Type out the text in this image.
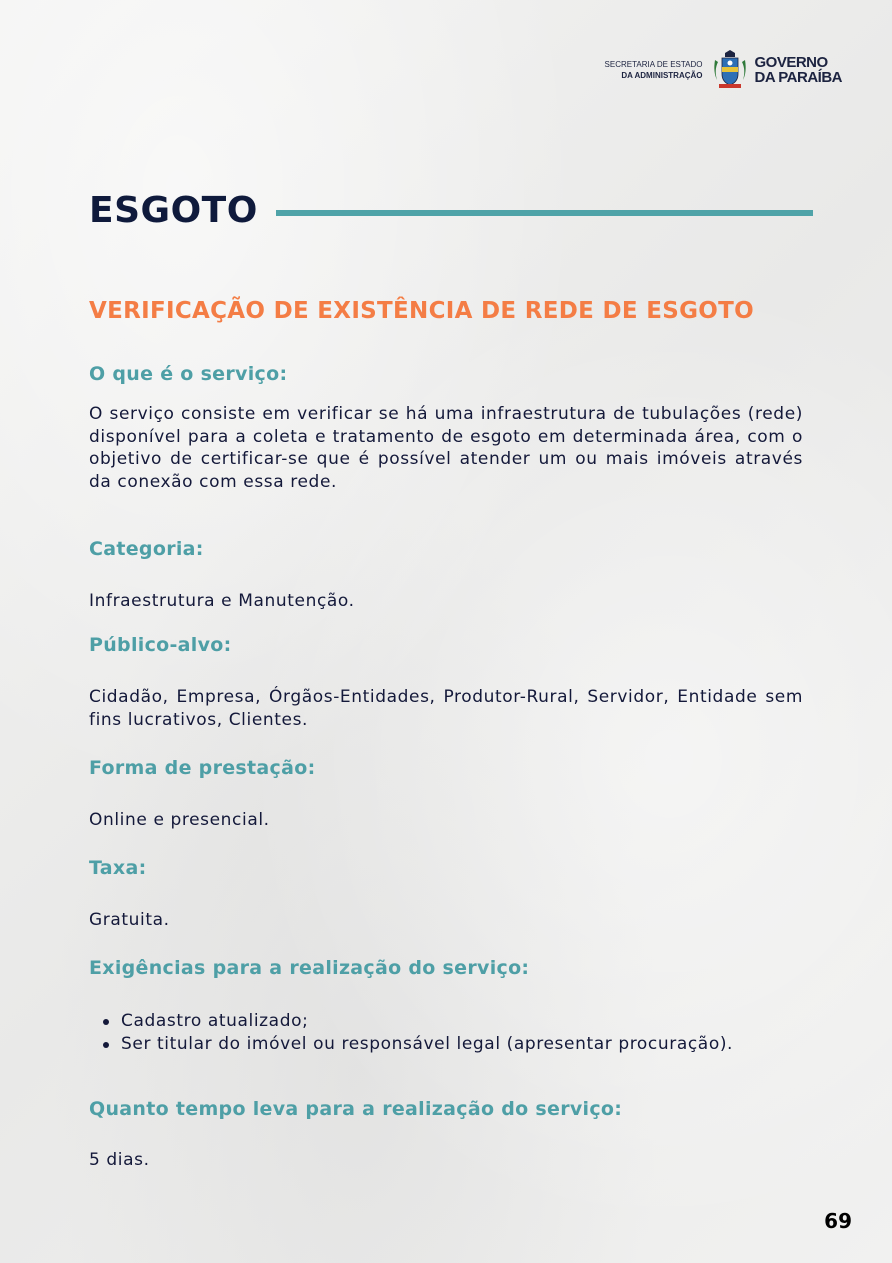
SECRETARIA DE ESTADO
DA ADMINISTRAÇÃO
GOVERNO
DA PARAÍBA
ESGOTO
VERIFICAÇÃO DE EXISTÊNCIA DE REDE DE ESGOTO
O que é o serviço:

O serviço consiste em verificar se há uma infraestrutura de tubulações (rede) disponível para a coleta e tratamento de esgoto em determinada área, com o objetivo de certificar-se que é possível atender um ou mais imóveis através da conexão com essa rede.

Categoria:

Infraestrutura e Manutenção.

Público-alvo:

Cidadão, Empresa, Órgãos-Entidades, Produtor-Rural, Servidor, Entidade sem fins lucrativos, Clientes.

Forma de prestação:

Online e presencial.

Taxa:

Gratuita.

Exigências para a realização do serviço:
Cadastro atualizado;
Ser titular do imóvel ou responsável legal (apresentar procuração).
Quanto tempo leva para a realização do serviço:

5 dias.

69
